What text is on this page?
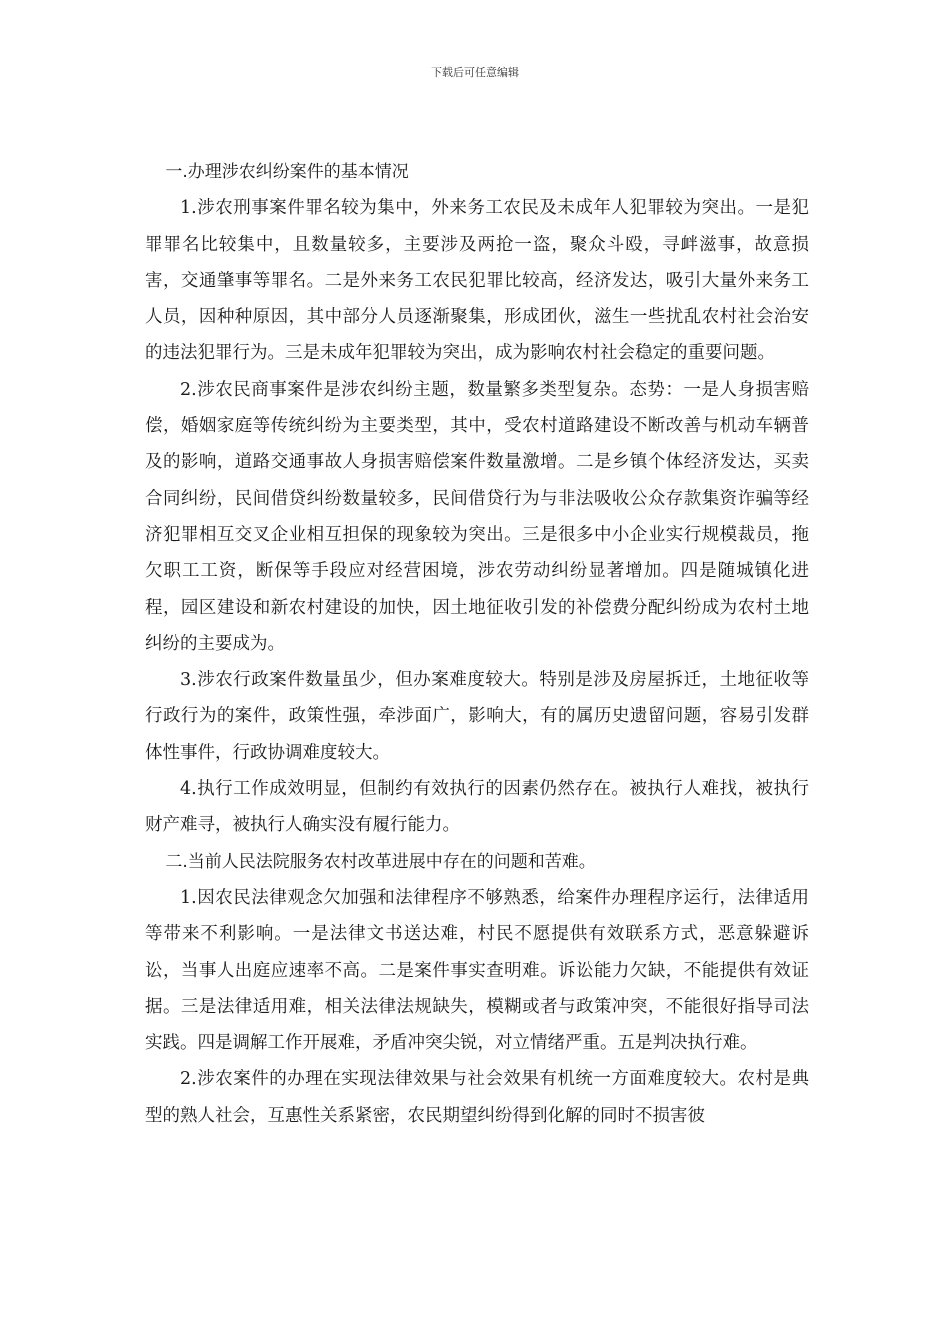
下载后可任意编辑

一.办理涉农纠纷案件的基本情况

1.涉农刑事案件罪名较为集中，外来务工农民及未成年人犯罪较为突出。一是犯罪罪名比较集中，且数量较多，主要涉及两抢一盗，聚众斗殴，寻衅滋事，故意损害，交通肇事等罪名。二是外来务工农民犯罪比较高，经济发达，吸引大量外来务工人员，因种种原因，其中部分人员逐渐聚集，形成团伙，滋生一些扰乱农村社会治安的违法犯罪行为。三是未成年犯罪较为突出，成为影响农村社会稳定的重要问题。

2.涉农民商事案件是涉农纠纷主题，数量繁多类型复杂。态势：一是人身损害赔偿，婚姻家庭等传统纠纷为主要类型，其中，受农村道路建设不断改善与机动车辆普及的影响，道路交通事故人身损害赔偿案件数量激增。二是乡镇个体经济发达，买卖合同纠纷，民间借贷纠纷数量较多，民间借贷行为与非法吸收公众存款集资诈骗等经济犯罪相互交叉企业相互担保的现象较为突出。三是很多中小企业实行规模裁员，拖欠职工工资，断保等手段应对经营困境，涉农劳动纠纷显著增加。四是随城镇化进程，园区建设和新农村建设的加快，因土地征收引发的补偿费分配纠纷成为农村土地纠纷的主要成为。

3.涉农行政案件数量虽少，但办案难度较大。特别是涉及房屋拆迁，土地征收等行政行为的案件，政策性强，牵涉面广，影响大，有的属历史遗留问题，容易引发群体性事件，行政协调难度较大。

4.执行工作成效明显，但制约有效执行的因素仍然存在。被执行人难找，被执行财产难寻，被执行人确实没有履行能力。

二.当前人民法院服务农村改革进展中存在的问题和苦难。

1.因农民法律观念欠加强和法律程序不够熟悉，给案件办理程序运行，法律适用等带来不利影响。一是法律文书送达难，村民不愿提供有效联系方式，恶意躲避诉讼，当事人出庭应速率不高。二是案件事实查明难。诉讼能力欠缺，不能提供有效证据。三是法律适用难，相关法律法规缺失，模糊或者与政策冲突，不能很好指导司法实践。四是调解工作开展难，矛盾冲突尖锐，对立情绪严重。五是判决执行难。

2.涉农案件的办理在实现法律效果与社会效果有机统一方面难度较大。农村是典型的熟人社会，互惠性关系紧密，农民期望纠纷得到化解的同时不损害彼
